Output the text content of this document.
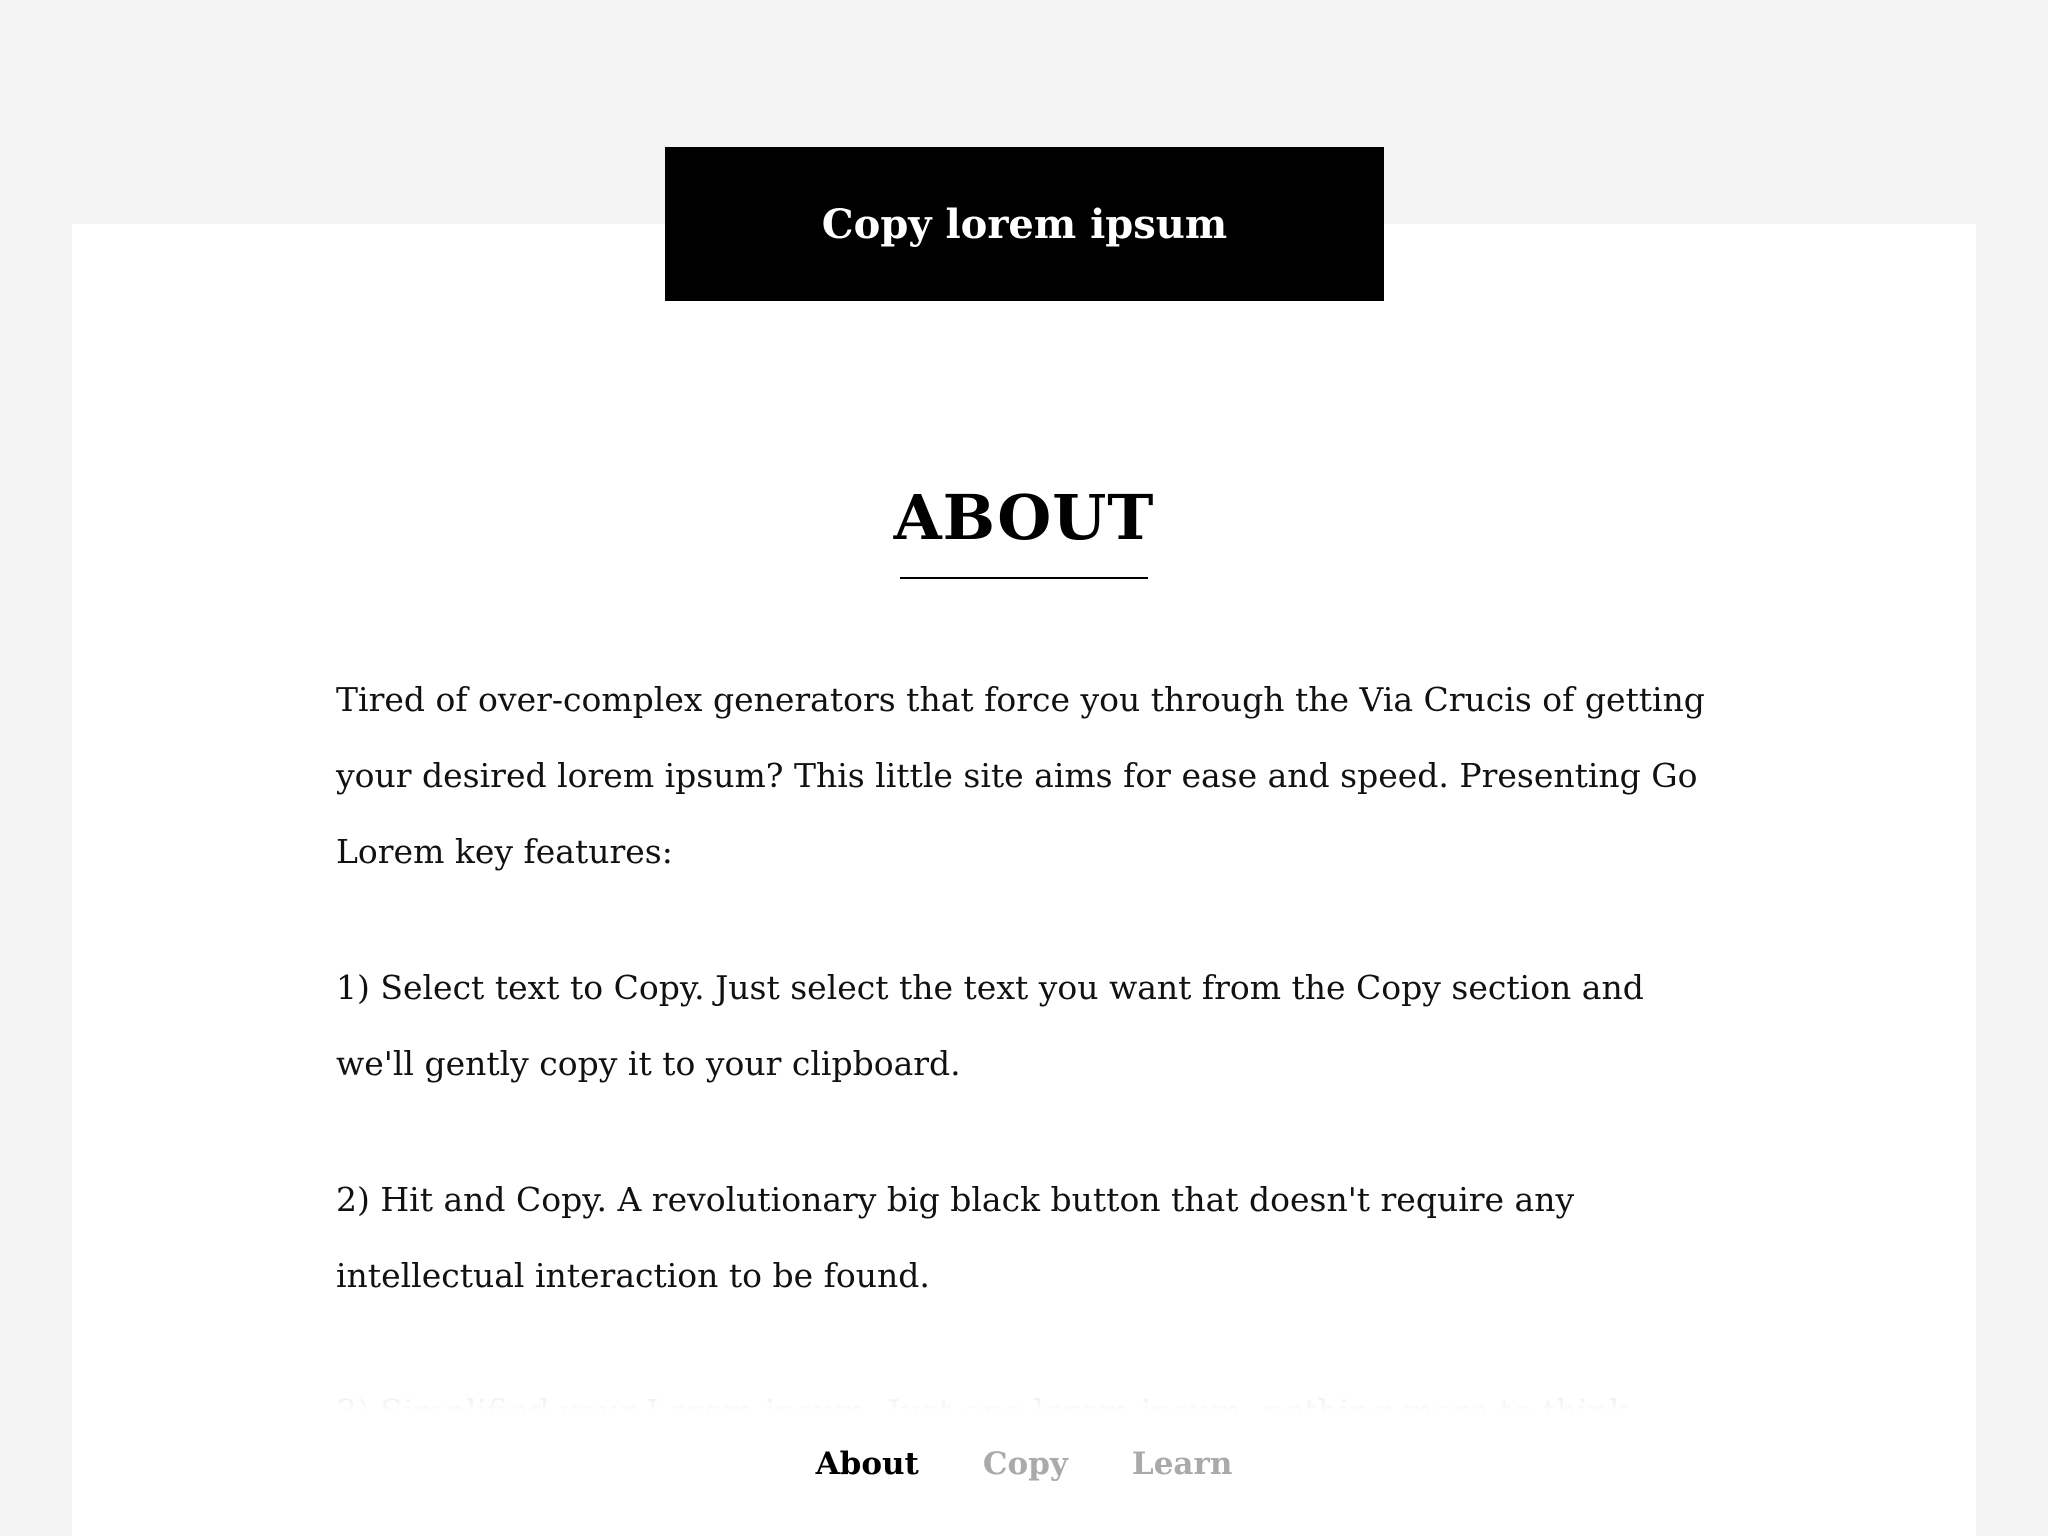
Copy lorem ipsum
ABOUT

Tired of over-complex generators that force you through the Via Crucis of getting your desired lorem ipsum? This little site aims for ease and speed. Presenting Go Lorem key features:

1) Select text to Copy. Just select the text you want from the Copy section and we'll gently copy it to your clipboard.

2) Hit and Copy. A revolutionary big black button that doesn't require any intellectual interaction to be found.

About Copy Learn
